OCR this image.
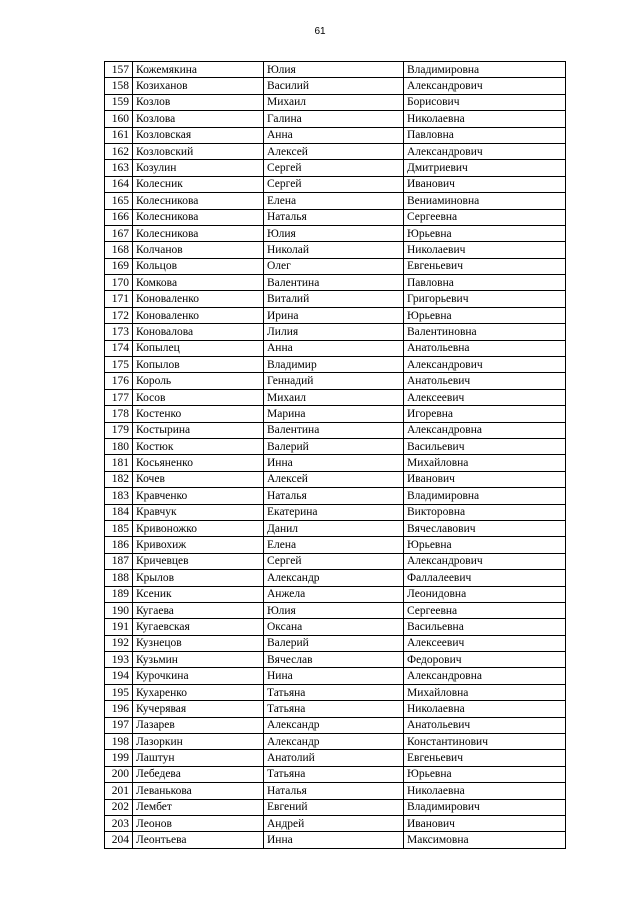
61
157	Кожемякина	Юлия	Владимировна
158	Козиханов	Василий	Александрович
159	Козлов	Михаил	Борисович
160	Козлова	Галина	Николаевна
161	Козловская	Анна	Павловна
162	Козловский	Алексей	Александрович
163	Козулин	Сергей	Дмитриевич
164	Колесник	Сергей	Иванович
165	Колесникова	Елена	Вениаминовна
166	Колесникова	Наталья	Сергеевна
167	Колесникова	Юлия	Юрьевна
168	Колчанов	Николай	Николаевич
169	Кольцов	Олег	Евгеньевич
170	Комкова	Валентина	Павловна
171	Коноваленко	Виталий	Григорьевич
172	Коноваленко	Ирина	Юрьевна
173	Коновалова	Лилия	Валентиновна
174	Копылец	Анна	Анатольевна
175	Копылов	Владимир	Александрович
176	Король	Геннадий	Анатольевич
177	Косов	Михаил	Алексеевич
178	Костенко	Марина	Игоревна
179	Костырина	Валентина	Александровна
180	Костюк	Валерий	Васильевич
181	Косьяненко	Инна	Михайловна
182	Кочев	Алексей	Иванович
183	Кравченко	Наталья	Владимировна
184	Кравчук	Екатерина	Викторовна
185	Кривоножко	Данил	Вячеславович
186	Кривохиж	Елена	Юрьевна
187	Кричевцев	Сергей	Александрович
188	Крылов	Александр	Фаллалеевич
189	Ксеник	Анжела	Леонидовна
190	Кугаева	Юлия	Сергеевна
191	Кугаевская	Оксана	Васильевна
192	Кузнецов	Валерий	Алексеевич
193	Кузьмин	Вячеслав	Федорович
194	Курочкина	Нина	Александровна
195	Кухаренко	Татьяна	Михайловна
196	Кучерявая	Татьяна	Николаевна
197	Лазарев	Александр	Анатольевич
198	Лазоркин	Александр	Константинович
199	Лаштун	Анатолий	Евгеньевич
200	Лебедева	Татьяна	Юрьевна
201	Леванькова	Наталья	Николаевна
202	Лембет	Евгений	Владимирович
203	Леонов	Андрей	Иванович
204	Леонтьева	Инна	Максимовна
